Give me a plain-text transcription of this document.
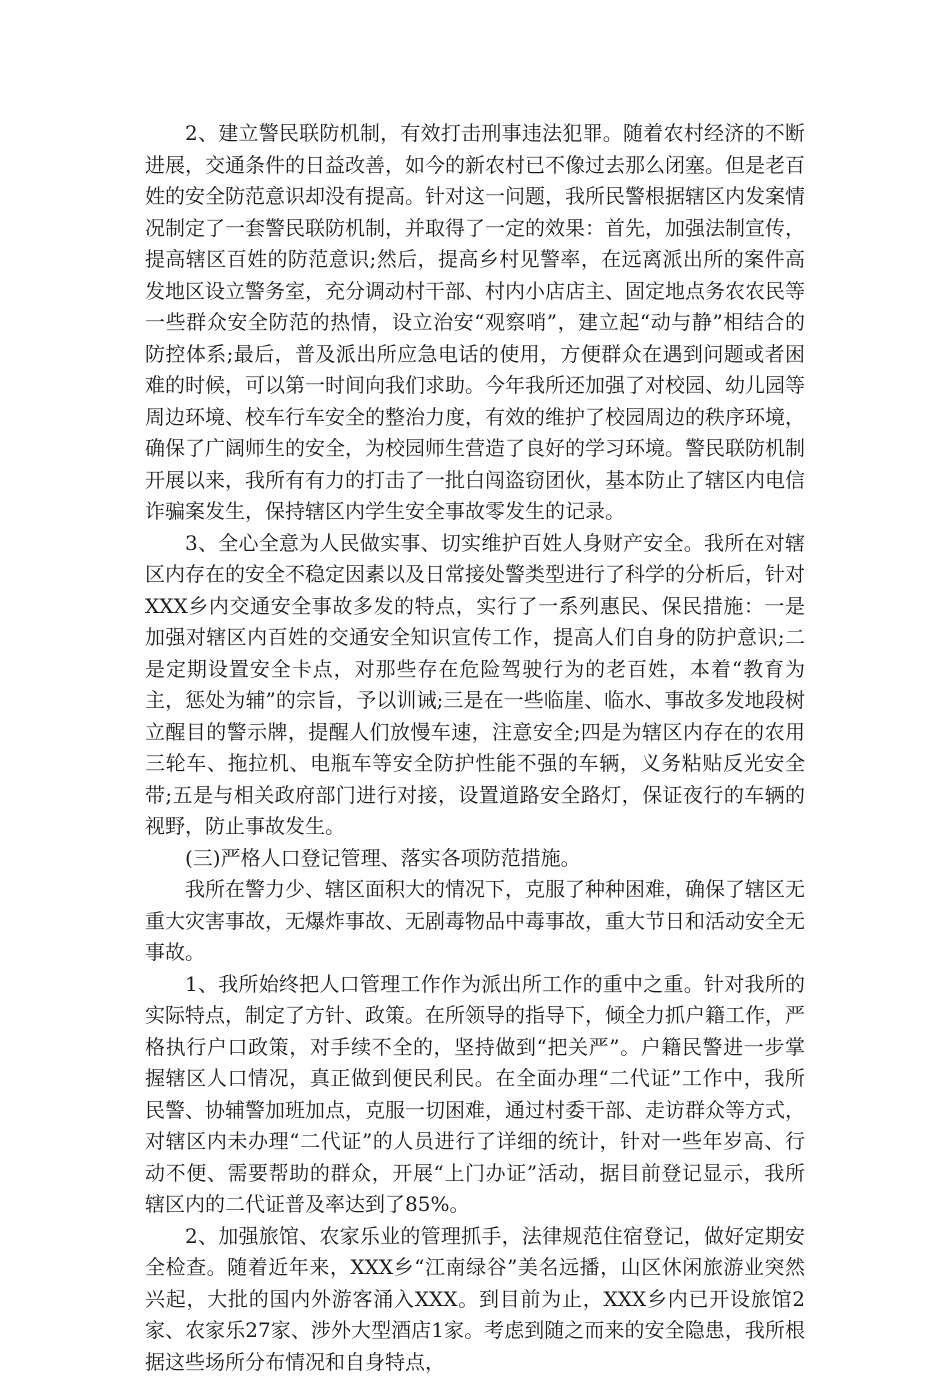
2、建立警民联防机制，有效打击刑事违法犯罪。随着农村经济的不断进展，交通条件的日益改善，如今的新农村已不像过去那么闭塞。但是老百姓的安全防范意识却没有提高。针对这一问题，我所民警根据辖区内发案情况制定了一套警民联防机制，并取得了一定的效果：首先，加强法制宣传，提高辖区百姓的防范意识;然后，提高乡村见警率，在远离派出所的案件高发地区设立警务室，充分调动村干部、村内小店店主、固定地点务农农民等一些群众安全防范的热情，设立治安“观察哨”，建立起“动与静”相结合的防控体系;最后，普及派出所应急电话的使用，方便群众在遇到问题或者困难的时候，可以第一时间向我们求助。今年我所还加强了对校园、幼儿园等周边环境、校车行车安全的整治力度，有效的维护了校园周边的秩序环境，确保了广阔师生的安全，为校园师生营造了良好的学习环境。警民联防机制开展以来，我所有有力的打击了一批白闯盗窃团伙，基本防止了辖区内电信诈骗案发生，保持辖区内学生安全事故零发生的记录。

3、全心全意为人民做实事、切实维护百姓人身财产安全。我所在对辖区内存在的安全不稳定因素以及日常接处警类型进行了科学的分析后，针对XXX乡内交通安全事故多发的特点，实行了一系列惠民、保民措施：一是加强对辖区内百姓的交通安全知识宣传工作，提高人们自身的防护意识;二是定期设置安全卡点，对那些存在危险驾驶行为的老百姓，本着“教育为主，惩处为辅”的宗旨，予以训诫;三是在一些临崖、临水、事故多发地段树立醒目的警示牌，提醒人们放慢车速，注意安全;四是为辖区内存在的农用三轮车、拖拉机、电瓶车等安全防护性能不强的车辆，义务粘贴反光安全带;五是与相关政府部门进行对接，设置道路安全路灯，保证夜行的车辆的视野，防止事故发生。

(三)严格人口登记管理、落实各项防范措施。

我所在警力少、辖区面积大的情况下，克服了种种困难，确保了辖区无重大灾害事故，无爆炸事故、无剧毒物品中毒事故，重大节日和活动安全无事故。

1、我所始终把人口管理工作作为派出所工作的重中之重。针对我所的实际特点，制定了方针、政策。在所领导的指导下，倾全力抓户籍工作，严格执行户口政策，对手续不全的，坚持做到“把关严”。户籍民警进一步掌握辖区人口情况，真正做到便民利民。在全面办理“二代证”工作中，我所民警、协辅警加班加点，克服一切困难，通过村委干部、走访群众等方式，对辖区内未办理“二代证”的人员进行了详细的统计，针对一些年岁高、行动不便、需要帮助的群众，开展“上门办证”活动，据目前登记显示，我所辖区内的二代证普及率达到了85%。

2、加强旅馆、农家乐业的管理抓手，法律规范住宿登记，做好定期安全检查。随着近年来，XXX乡“江南绿谷”美名远播，山区休闲旅游业突然兴起，大批的国内外游客涌入XXX。到目前为止，XXX乡内已开设旅馆2家、农家乐27家、涉外大型酒店1家。考虑到随之而来的安全隐患，我所根据这些场所分布情况和自身特点，
